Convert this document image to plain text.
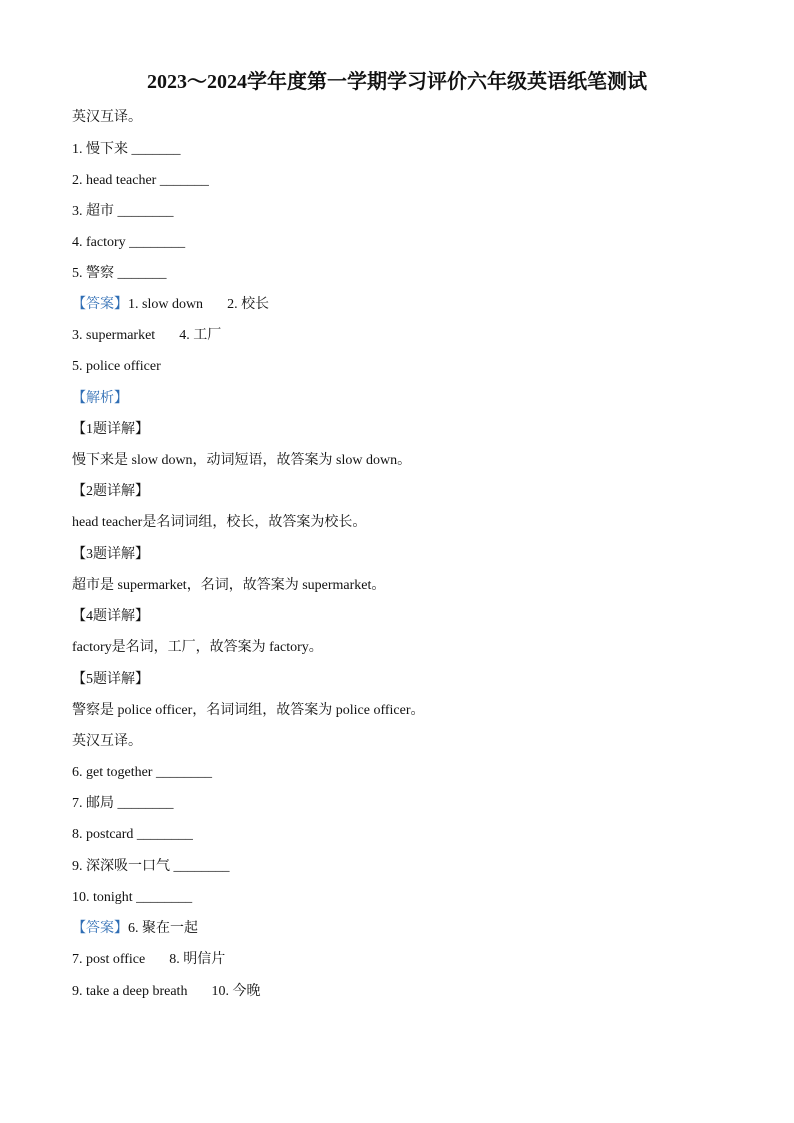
2023～2024学年度第一学期学习评价六年级英语纸笔测试
英汉互译。
1. 慢下来 _______
2. head teacher _______
3. 超市 ________
4. factory ________
5. 警察 _______
【答案】1. slow down 2. 校长
3. supermarket 4. 工厂
5. police officer
【解析】
【1题详解】
慢下来是 slow down，动词短语，故答案为 slow down。
【2题详解】
head teacher是名词词组，校长，故答案为校长。
【3题详解】
超市是 supermarket，名词，故答案为 supermarket。
【4题详解】
factory是名词，工厂，故答案为 factory。
【5题详解】
警察是 police officer，名词词组，故答案为 police officer。
英汉互译。
6. get together ________
7. 邮局 ________
8. postcard ________
9. 深深吸一口气 ________
10. tonight ________
【答案】6. 聚在一起
7. post office 8. 明信片
9. take a deep breath 10. 今晚
